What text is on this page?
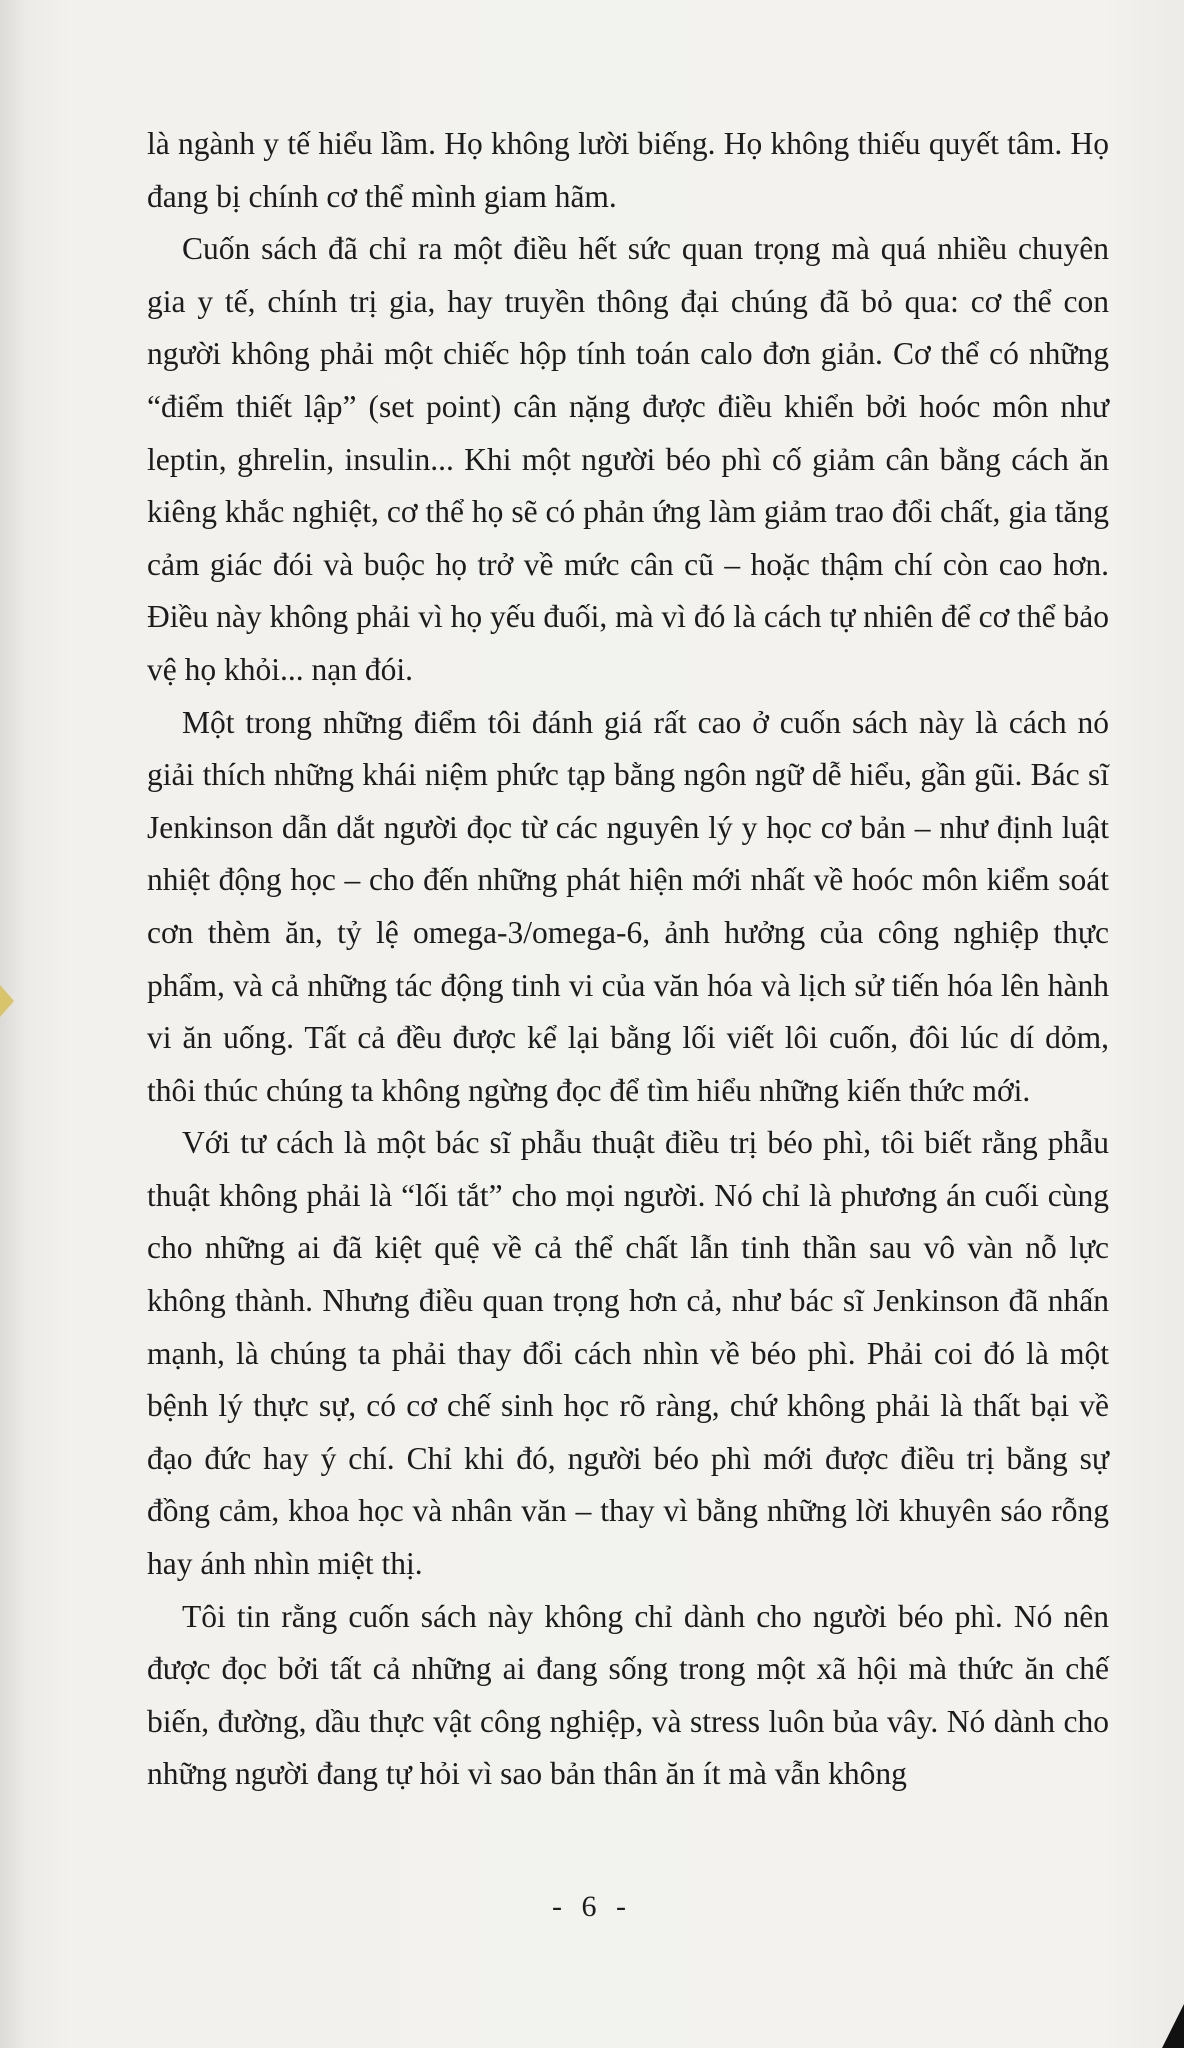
là ngành y tế hiểu lầm. Họ không lười biếng. Họ không thiếu quyết tâm. Họ đang bị chính cơ thể mình giam hãm.

Cuốn sách đã chỉ ra một điều hết sức quan trọng mà quá nhiều chuyên gia y tế, chính trị gia, hay truyền thông đại chúng đã bỏ qua: cơ thể con người không phải một chiếc hộp tính toán calo đơn giản. Cơ thể có những “điểm thiết lập” (set point) cân nặng được điều khiển bởi hoóc môn như leptin, ghrelin, insulin... Khi một người béo phì cố giảm cân bằng cách ăn kiêng khắc nghiệt, cơ thể họ sẽ có phản ứng làm giảm trao đổi chất, gia tăng cảm giác đói và buộc họ trở về mức cân cũ – hoặc thậm chí còn cao hơn. Điều này không phải vì họ yếu đuối, mà vì đó là cách tự nhiên để cơ thể bảo vệ họ khỏi... nạn đói.

Một trong những điểm tôi đánh giá rất cao ở cuốn sách này là cách nó giải thích những khái niệm phức tạp bằng ngôn ngữ dễ hiểu, gần gũi. Bác sĩ Jenkinson dẫn dắt người đọc từ các nguyên lý y học cơ bản – như định luật nhiệt động học – cho đến những phát hiện mới nhất về hoóc môn kiểm soát cơn thèm ăn, tỷ lệ omega-3/omega-6, ảnh hưởng của công nghiệp thực phẩm, và cả những tác động tinh vi của văn hóa và lịch sử tiến hóa lên hành vi ăn uống. Tất cả đều được kể lại bằng lối viết lôi cuốn, đôi lúc dí dỏm, thôi thúc chúng ta không ngừng đọc để tìm hiểu những kiến thức mới.

Với tư cách là một bác sĩ phẫu thuật điều trị béo phì, tôi biết rằng phẫu thuật không phải là “lối tắt” cho mọi người. Nó chỉ là phương án cuối cùng cho những ai đã kiệt quệ về cả thể chất lẫn tinh thần sau vô vàn nỗ lực không thành. Nhưng điều quan trọng hơn cả, như bác sĩ Jenkinson đã nhấn mạnh, là chúng ta phải thay đổi cách nhìn về béo phì. Phải coi đó là một bệnh lý thực sự, có cơ chế sinh học rõ ràng, chứ không phải là thất bại về đạo đức hay ý chí. Chỉ khi đó, người béo phì mới được điều trị bằng sự đồng cảm, khoa học và nhân văn – thay vì bằng những lời khuyên sáo rỗng hay ánh nhìn miệt thị.

Tôi tin rằng cuốn sách này không chỉ dành cho người béo phì. Nó nên được đọc bởi tất cả những ai đang sống trong một xã hội mà thức ăn chế biến, đường, dầu thực vật công nghiệp, và stress luôn bủa vây. Nó dành cho những người đang tự hỏi vì sao bản thân ăn ít mà vẫn không

- 6 -
